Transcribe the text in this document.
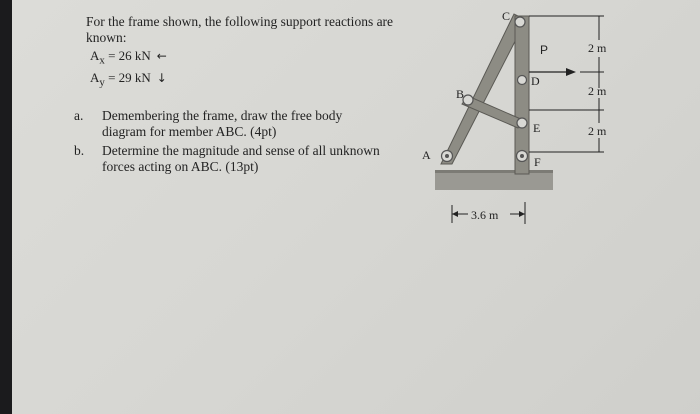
For the frame shown, the following support reactions are known:
$A_x = 26$ kN ←
$A_y = 29$ kN ↓
a. Demembering the frame, draw the free body diagram for member ABC. (4pt)
b. Determine the magnitude and sense of all unknown forces acting on ABC. (13pt)
A
B
C
D
E
F
P	2 m
2 m
2 m
3.6 m
